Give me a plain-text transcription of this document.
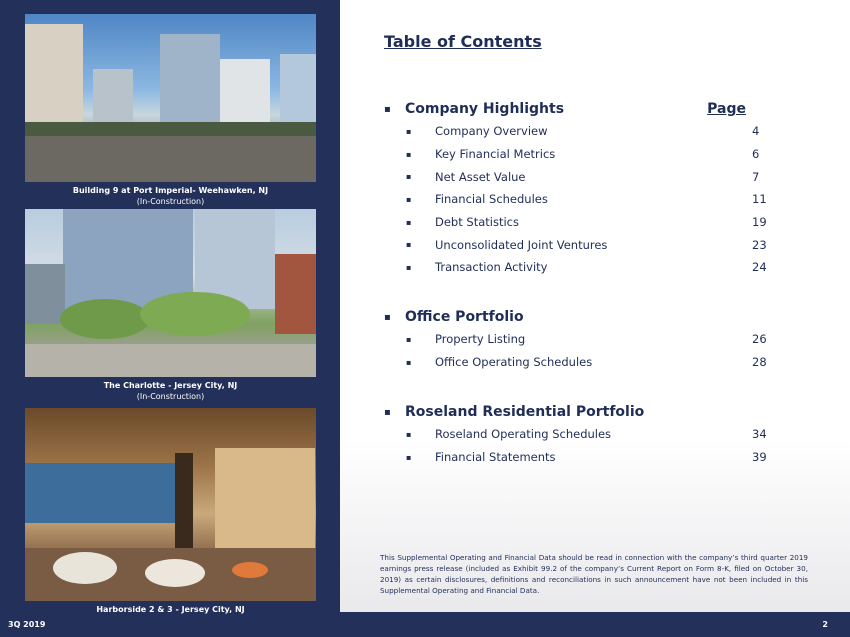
Building 9 at Port Imperial- Weehawken, NJ
(In-Construction)
The Charlotte - Jersey City, NJ
(In-Construction)
Harborside 2 & 3 - Jersey City, NJ
Table of Contents
▪	Company Highlights	Page
▪ Company Overview	4
▪ Key Financial Metrics	6
▪ Net Asset Value	7
▪ Financial Schedules	11
▪ Debt Statistics	19
▪ Unconsolidated Joint Ventures	23
▪ Transaction Activity	24
▪	Office Portfolio
▪ Property Listing	26
▪ Office Operating Schedules	28
▪	Roseland Residential Portfolio
▪ Roseland Operating Schedules	34
▪ Financial Statements	39
This Supplemental Operating and Financial Data should be read in connection with the company’s third quarter 2019 earnings press release (included as Exhibit 99.2 of the company’s Current Report on Form 8-K, filed on October 30, 2019) as certain disclosures, definitions and reconciliations in such announcement have not been included in this Supplemental Operating and Financial Data.
3Q 2019	2
